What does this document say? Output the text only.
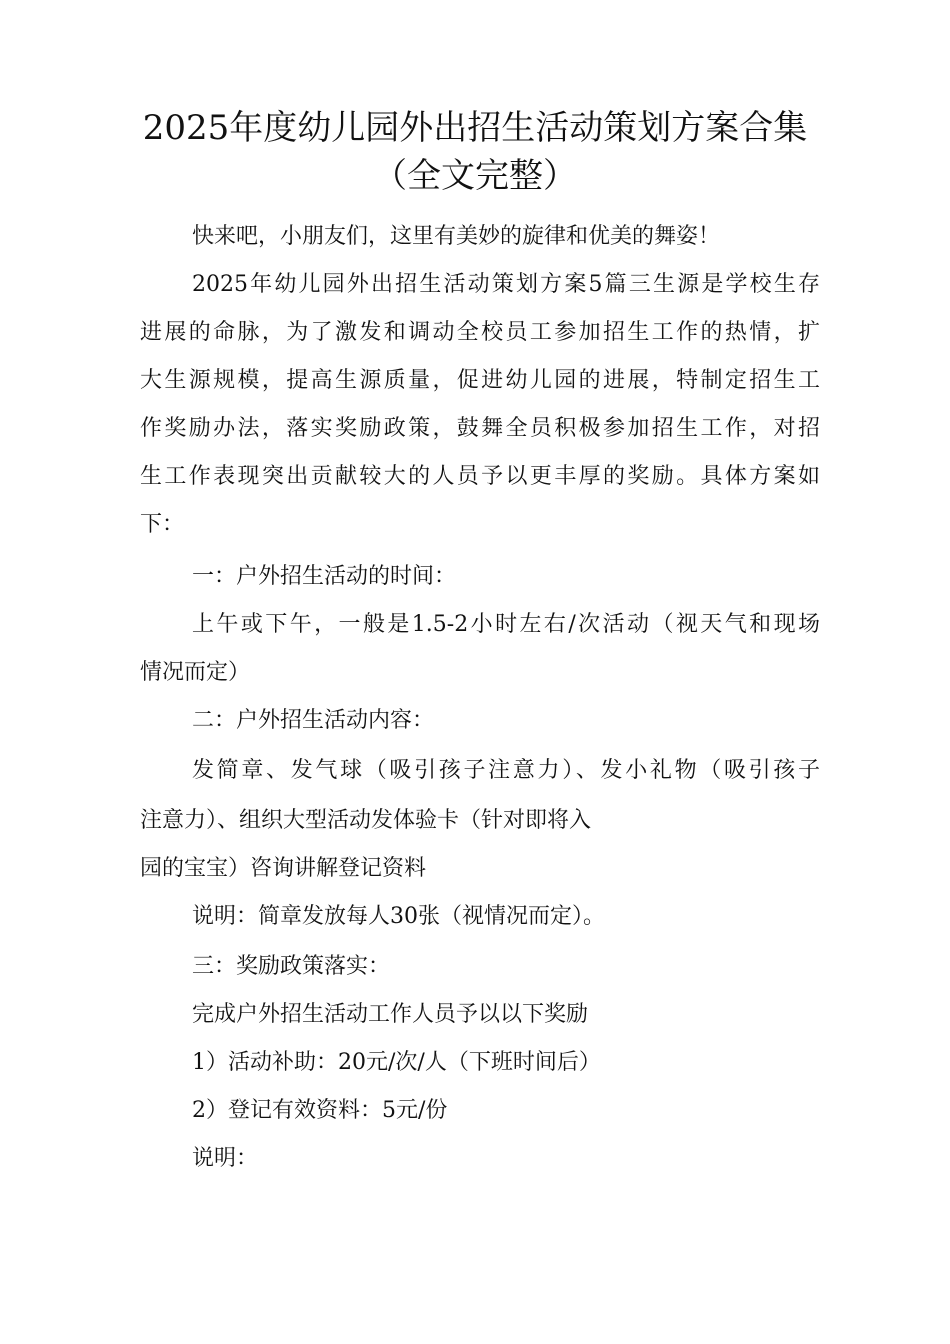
2025年度幼儿园外出招生活动策划方案合集
（全文完整）
快来吧，小朋友们，这里有美妙的旋律和优美的舞姿！
2025年幼儿园外出招生活动策划方案5篇三生源是学校生存
进展的命脉，为了激发和调动全校员工参加招生工作的热情，扩
大生源规模，提高生源质量，促进幼儿园的进展，特制定招生工
作奖励办法，落实奖励政策，鼓舞全员积极参加招生工作，对招
生工作表现突出贡献较大的人员予以更丰厚的奖励。具体方案如
下：
一：户外招生活动的时间：
上午或下午，一般是1.5-2小时左右/次活动（视天气和现场
情况而定）
二：户外招生活动内容：
发简章、发气球（吸引孩子注意力）、发小礼物（吸引孩子
注意力）、组织大型活动发体验卡（针对即将入
园的宝宝）咨询讲解登记资料
说明：简章发放每人30张（视情况而定）。
三：奖励政策落实：
完成户外招生活动工作人员予以以下奖励
1）活动补助：20元/次/人（下班时间后）
2）登记有效资料：5元/份
说明：
